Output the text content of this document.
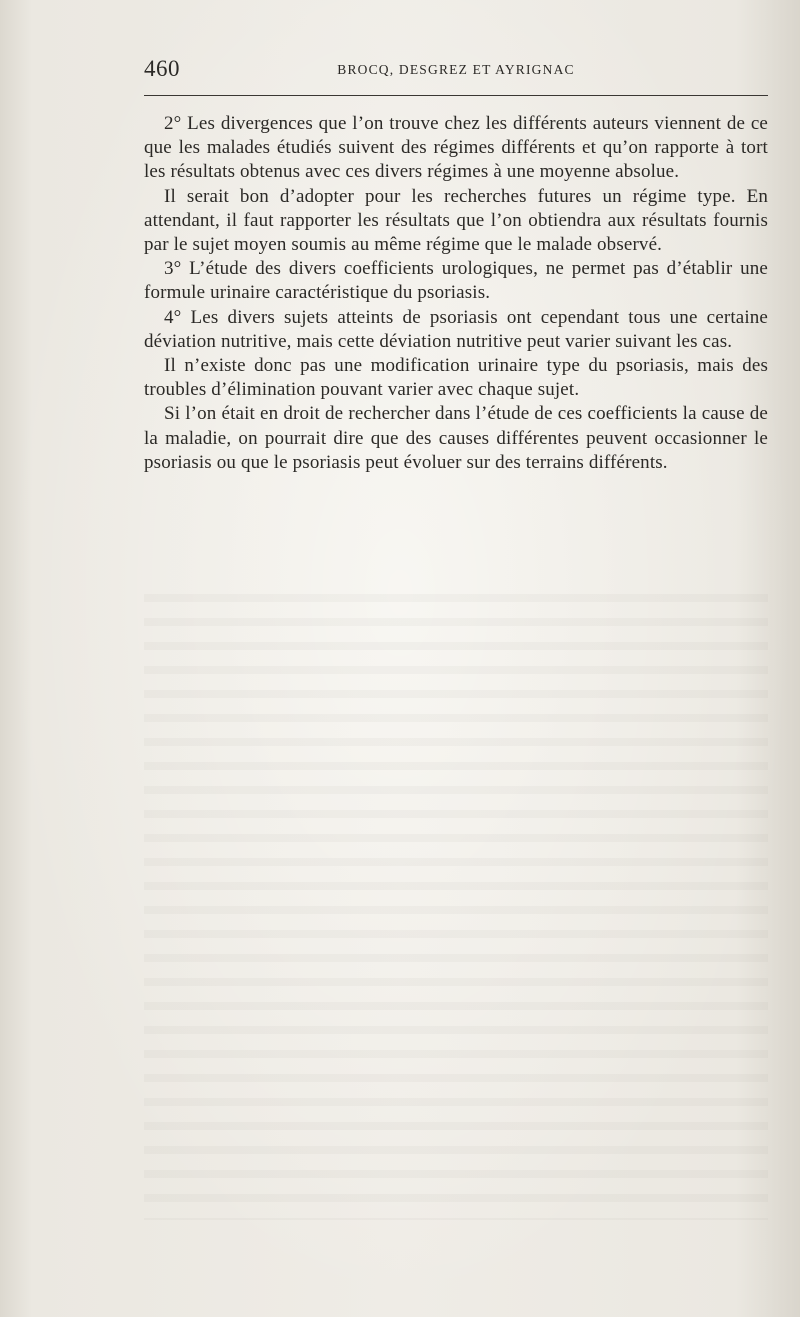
460	BROCQ, DESGREZ ET AYRIGNAC

2° Les divergences que l’on trouve chez les différents auteurs viennent de ce que les malades étudiés suivent des régimes différents et qu’on rapporte à tort les résultats obtenus avec ces divers régimes à une moyenne absolue.

Il serait bon d’adopter pour les recherches futures un régime type. En attendant, il faut rapporter les résultats que l’on obtiendra aux résultats fournis par le sujet moyen soumis au même régime que le malade observé.

3° L’étude des divers coefficients urologiques, ne permet pas d’établir une formule urinaire caractéristique du psoriasis.

4° Les divers sujets atteints de psoriasis ont cependant tous une certaine déviation nutritive, mais cette déviation nutritive peut varier suivant les cas.

Il n’existe donc pas une modification urinaire type du psoriasis, mais des troubles d’élimination pouvant varier avec chaque sujet.

Si l’on était en droit de rechercher dans l’étude de ces coefficients la cause de la maladie, on pourrait dire que des causes différentes peuvent occasionner le psoriasis ou que le psoriasis peut évoluer sur des terrains différents.
